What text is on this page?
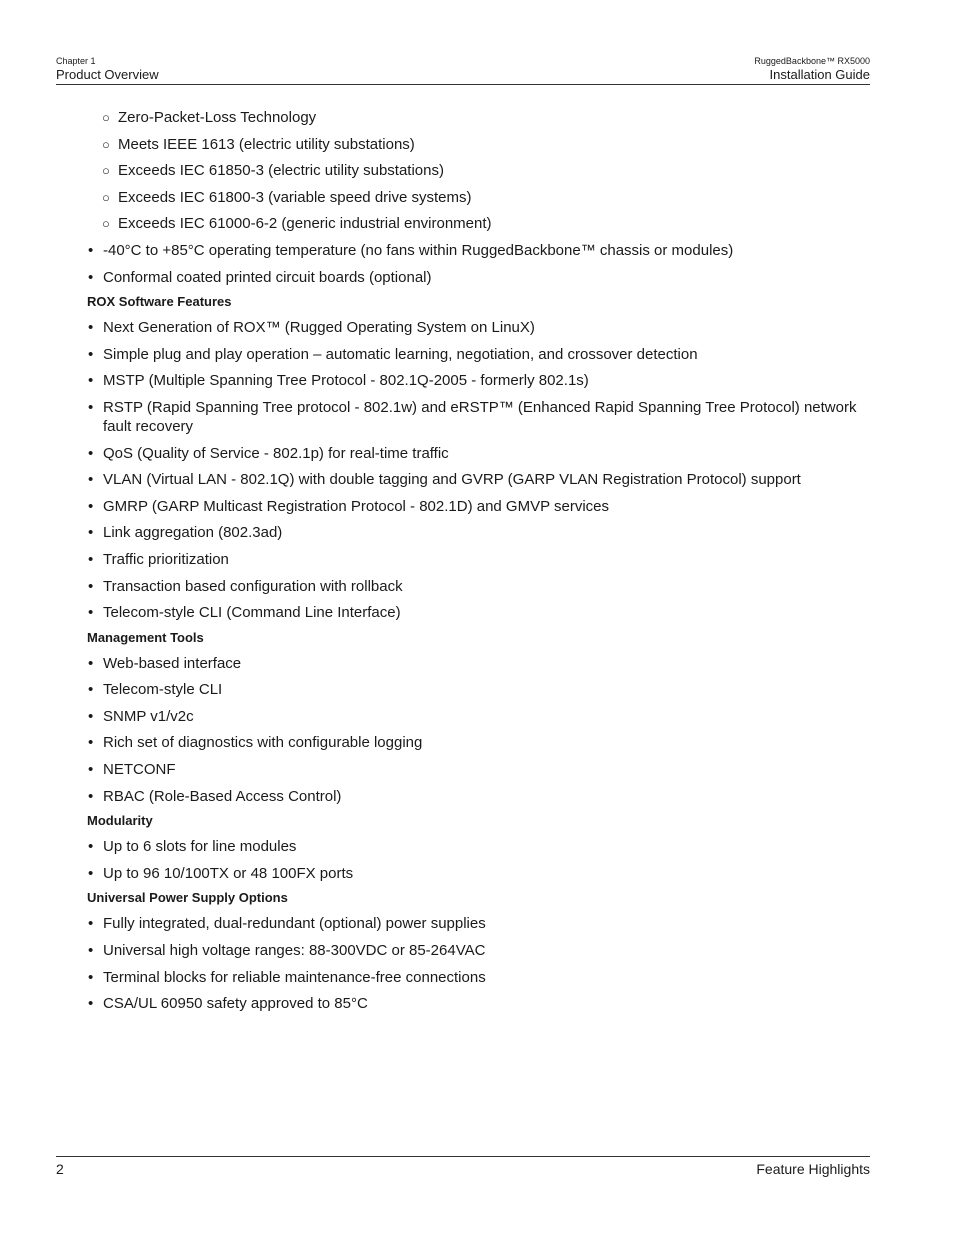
Chapter 1
Product Overview
RuggedBackbone™ RX5000
Installation Guide
○ Zero-Packet-Loss Technology
○ Meets IEEE 1613 (electric utility substations)
○ Exceeds IEC 61850-3 (electric utility substations)
○ Exceeds IEC 61800-3 (variable speed drive systems)
○ Exceeds IEC 61000-6-2 (generic industrial environment)
• -40°C to +85°C operating temperature (no fans within RuggedBackbone™ chassis or modules)
• Conformal coated printed circuit boards (optional)
ROX Software Features
• Next Generation of ROX™ (Rugged Operating System on LinuX)
• Simple plug and play operation – automatic learning, negotiation, and crossover detection
• MSTP (Multiple Spanning Tree Protocol - 802.1Q-2005 - formerly 802.1s)
• RSTP (Rapid Spanning Tree protocol - 802.1w) and eRSTP™ (Enhanced Rapid Spanning Tree Protocol) network fault recovery
• QoS (Quality of Service - 802.1p) for real-time traffic
• VLAN (Virtual LAN - 802.1Q) with double tagging and GVRP (GARP VLAN Registration Protocol) support
• GMRP (GARP Multicast Registration Protocol - 802.1D) and GMVP services
• Link aggregation (802.3ad)
• Traffic prioritization
• Transaction based configuration with rollback
• Telecom-style CLI (Command Line Interface)
Management Tools
• Web-based interface
• Telecom-style CLI
• SNMP v1/v2c
• Rich set of diagnostics with configurable logging
• NETCONF
• RBAC (Role-Based Access Control)
Modularity
• Up to 6 slots for line modules
• Up to 96 10/100TX or 48 100FX ports
Universal Power Supply Options
• Fully integrated, dual-redundant (optional) power supplies
• Universal high voltage ranges: 88-300VDC or 85-264VAC
• Terminal blocks for reliable maintenance-free connections
• CSA/UL 60950 safety approved to 85°C
2	Feature Highlights
